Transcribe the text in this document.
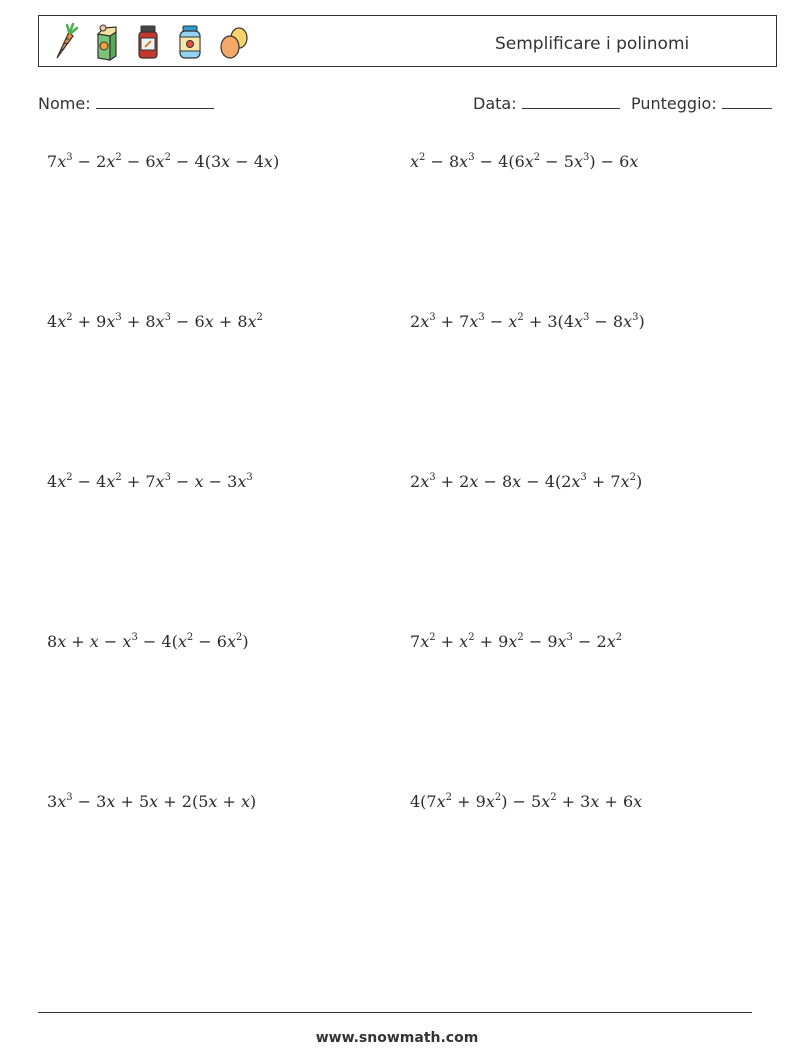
Semplificare i polinomi
Nome:	Data:	Punteggio:
$7x^3 - 2x^2 - 6x^2 - 4(3x - 4x)$	$x^2 - 8x^3 - 4(6x^2 - 5x^3) - 6x$
$4x^2 + 9x^3 + 8x^3 - 6x + 8x^2$	$2x^3 + 7x^3 - x^2 + 3(4x^3 - 8x^3)$
$4x^2 - 4x^2 + 7x^3 - x - 3x^3$	$2x^3 + 2x - 8x - 4(2x^3 + 7x^2)$
$8x + x - x^3 - 4(x^2 - 6x^2)$	$7x^2 + x^2 + 9x^2 - 9x^3 - 2x^2$
$3x^3 - 3x + 5x + 2(5x + x)$	$4(7x^2 + 9x^2) - 5x^2 + 3x + 6x$
www.snowmath.com
